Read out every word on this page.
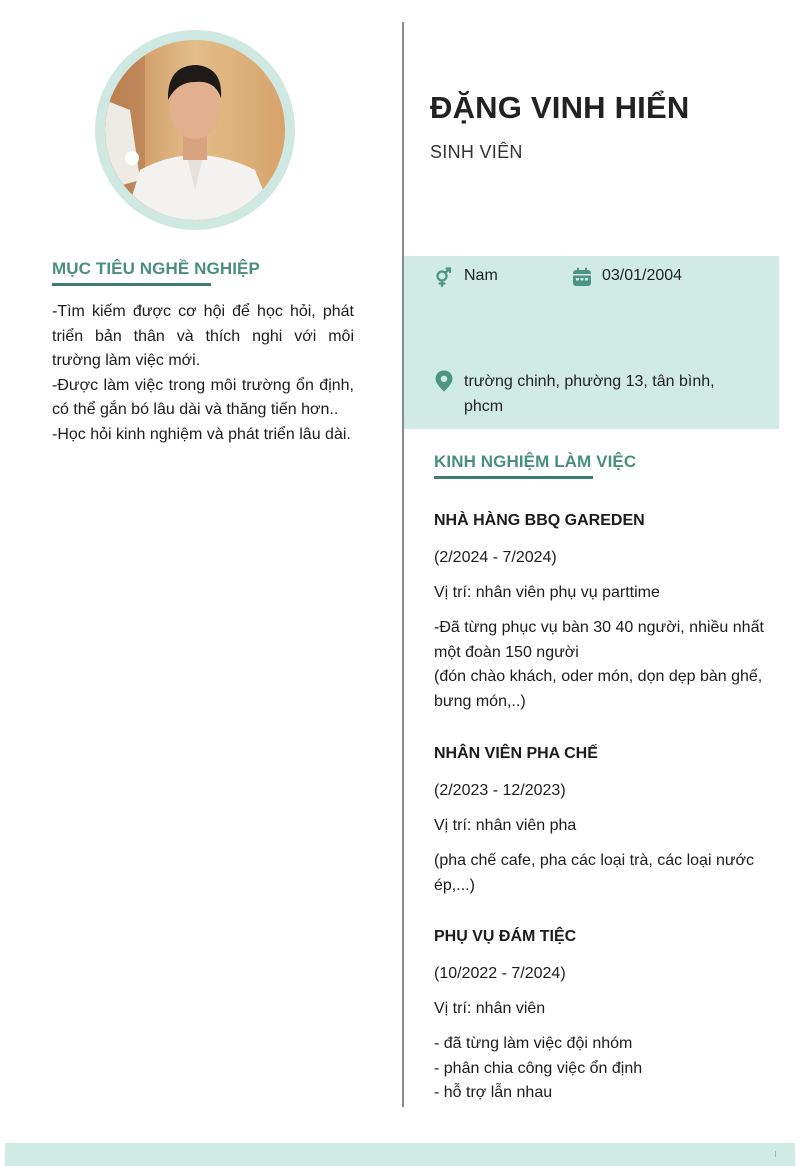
MỤC TIÊU NGHỀ NGHIỆP

-Tìm kiếm được cơ hội để học hỏi, phát triển bản thân và thích nghi với môi trường làm việc mới.

-Được làm việc trong môi trường ổn định, có thể gắn bó lâu dài và thăng tiến hơn..

-Học hỏi kinh nghiệm và phát triển lâu dài.

ĐẶNG VINH HIỂN
SINH VIÊN
Nam	03/01/2004
trường chinh, phường 13, tân bình, phcm
KINH NGHIỆM LÀM VIỆC
NHÀ HÀNG BBQ GAREDEN
(2/2024 - 7/2024)
Vị trí: nhân viên phụ vụ parttime
-Đã từng phục vụ bàn 30 40 người, nhiều nhất một đoàn 150 người
(đón chào khách, oder món, dọn dẹp bàn ghế, bưng món,..)
NHÂN VIÊN PHA CHẾ
(2/2023 - 12/2023)
Vị trí: nhân viên pha
(pha chế cafe, pha các loại trà, các loại nước ép,...)
PHỤ VỤ ĐÁM TIỆC
(10/2022 - 7/2024)
Vị trí: nhân viên
- đã từng làm việc đội nhóm
- phân chia công việc ổn định
- hỗ trợ lẫn nhau
